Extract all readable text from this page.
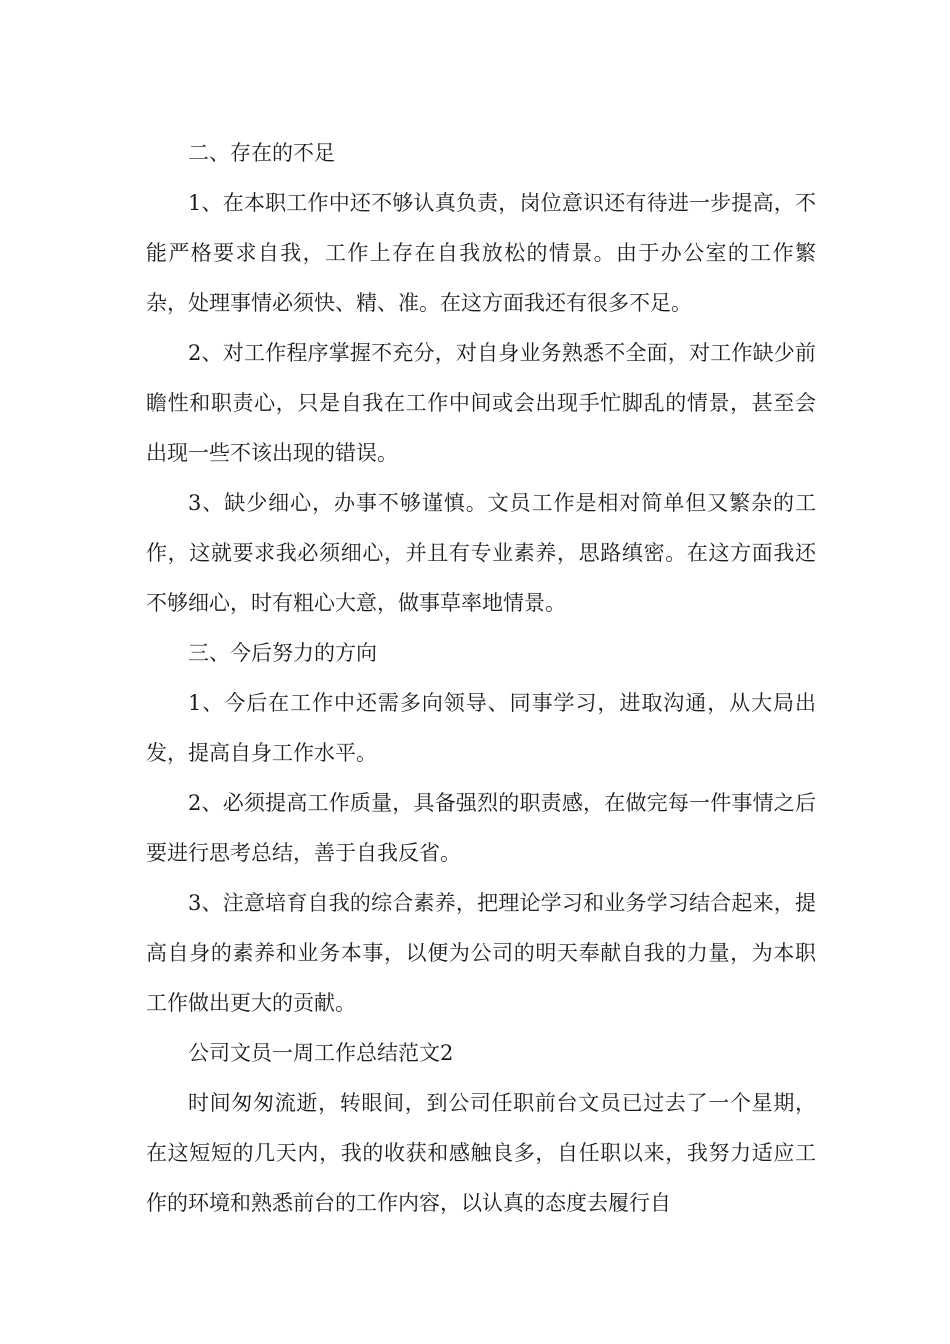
二、存在的不足

1、在本职工作中还不够认真负责，岗位意识还有待进一步提高，不能严格要求自我，工作上存在自我放松的情景。由于办公室的工作繁杂，处理事情必须快、精、准。在这方面我还有很多不足。

2、对工作程序掌握不充分，对自身业务熟悉不全面，对工作缺少前瞻性和职责心，只是自我在工作中间或会出现手忙脚乱的情景，甚至会出现一些不该出现的错误。

3、缺少细心，办事不够谨慎。文员工作是相对简单但又繁杂的工作，这就要求我必须细心，并且有专业素养，思路缜密。在这方面我还不够细心，时有粗心大意，做事草率地情景。

三、今后努力的方向

1、今后在工作中还需多向领导、同事学习，进取沟通，从大局出发，提高自身工作水平。

2、必须提高工作质量，具备强烈的职责感，在做完每一件事情之后要进行思考总结，善于自我反省。

3、注意培育自我的综合素养，把理论学习和业务学习结合起来，提高自身的素养和业务本事，以便为公司的明天奉献自我的力量，为本职工作做出更大的贡献。

公司文员一周工作总结范文2

时间匆匆流逝，转眼间，到公司任职前台文员已过去了一个星期，在这短短的几天内，我的收获和感触良多，自任职以来，我努力适应工作的环境和熟悉前台的工作内容，以认真的态度去履行自
